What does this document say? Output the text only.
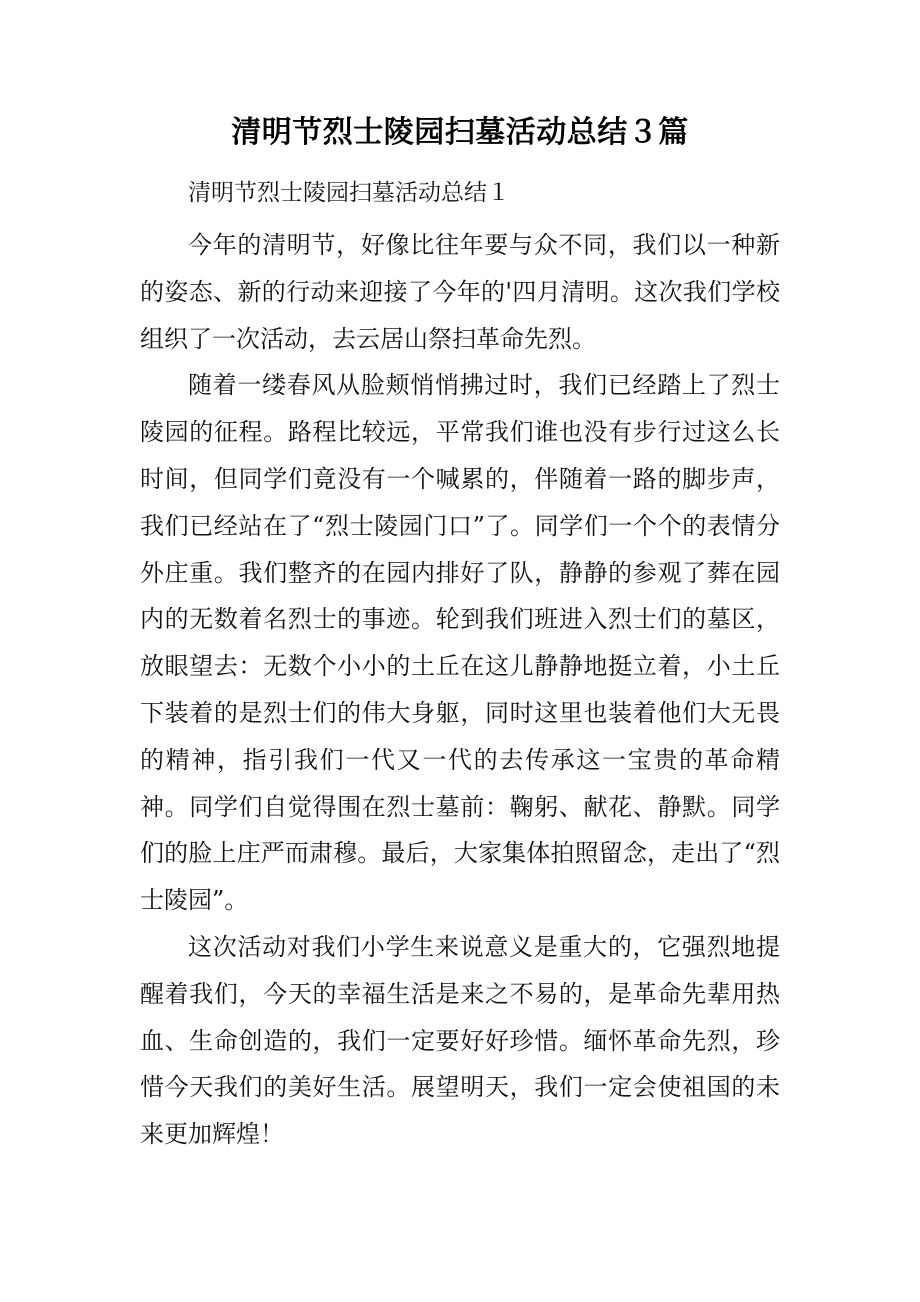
清明节烈士陵园扫墓活动总结３篇

清明节烈士陵园扫墓活动总结１

今年的清明节，好像比往年要与众不同，我们以一种新的姿态、新的行动来迎接了今年的'四月清明。这次我们学校组织了一次活动，去云居山祭扫革命先烈。

随着一缕春风从脸颊悄悄拂过时，我们已经踏上了烈士陵园的征程。路程比较远，平常我们谁也没有步行过这么长时间，但同学们竟没有一个喊累的，伴随着一路的脚步声，我们已经站在了“烈士陵园门口”了。同学们一个个的表情分外庄重。我们整齐的在园内排好了队，静静的参观了葬在园内的无数着名烈士的事迹。轮到我们班进入烈士们的墓区，放眼望去：无数个小小的土丘在这儿静静地挺立着，小土丘下装着的是烈士们的伟大身躯，同时这里也装着他们大无畏的精神，指引我们一代又一代的去传承这一宝贵的革命精神。同学们自觉得围在烈士墓前：鞠躬、献花、静默。同学们的脸上庄严而肃穆。最后，大家集体拍照留念，走出了“烈士陵园”。

这次活动对我们小学生来说意义是重大的，它强烈地提醒着我们，今天的幸福生活是来之不易的，是革命先辈用热血、生命创造的，我们一定要好好珍惜。缅怀革命先烈，珍惜今天我们的美好生活。展望明天，我们一定会使祖国的未来更加辉煌！
